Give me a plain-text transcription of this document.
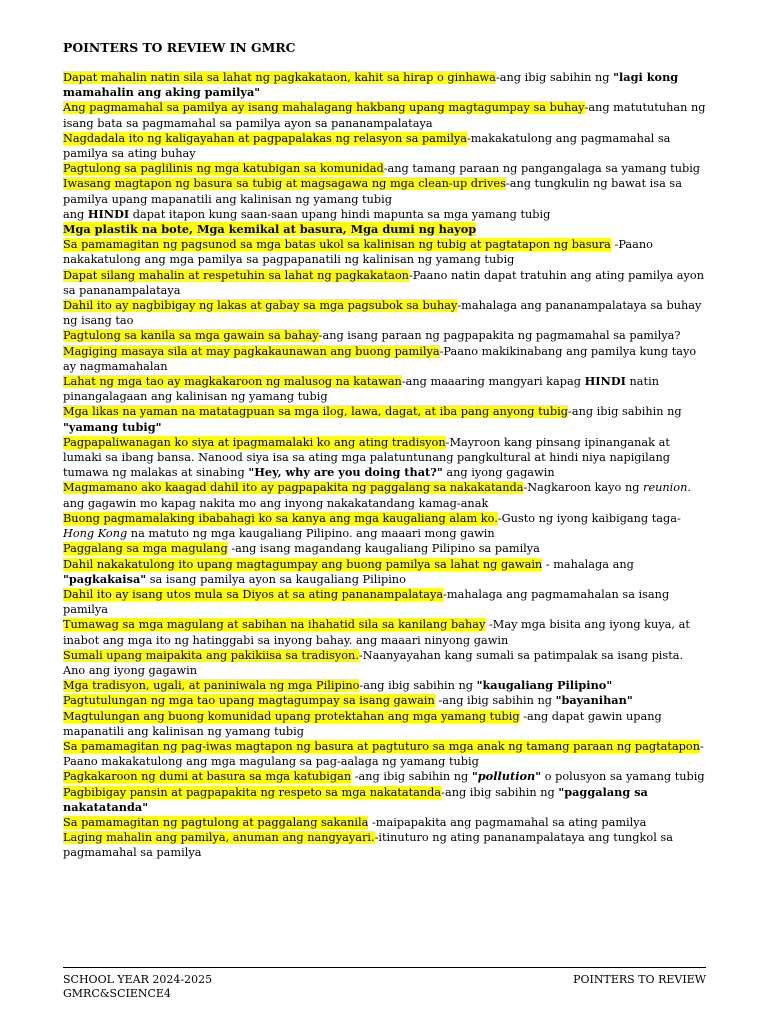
POINTERS TO REVIEW IN GMRC
Dapat mahalin natin sila sa lahat ng pagkakataon, kahit sa hirap o ginhawa-ang ibig sabihin ng "lagi kong mamahalin ang aking pamilya"
Ang pagmamahal sa pamilya ay isang mahalagang hakbang upang magtagumpay sa buhay-ang matututuhan ng isang bata sa pagmamahal sa pamilya ayon sa pananampalataya
Nagdadala ito ng kaligayahan at pagpapalakas ng relasyon sa pamilya-makakatulong ang pagmamahal sa pamilya sa ating buhay
Pagtulong sa paglilinis ng mga katubigan sa komunidad-ang tamang paraan ng pangangalaga sa yamang tubig
Iwasang magtapon ng basura sa tubig at magsagawa ng mga clean-up drives-ang tungkulin ng bawat isa sa pamilya upang mapanatili ang kalinisan ng yamang tubig
ang HINDI dapat itapon kung saan-saan upang hindi mapunta sa mga yamang tubig
Mga plastik na bote, Mga kemikal at basura, Mga dumi ng hayop
Sa pamamagitan ng pagsunod sa mga batas ukol sa kalinisan ng tubig at pagtatapon ng basura -Paano nakakatulong ang mga pamilya sa pagpapanatili ng kalinisan ng yamang tubig
Dapat silang mahalin at respetuhin sa lahat ng pagkakataon-Paano natin dapat tratuhin ang ating pamilya ayon sa pananampalataya
Dahil ito ay nagbibigay ng lakas at gabay sa mga pagsubok sa buhay-mahalaga ang pananampalataya sa buhay ng isang tao
Pagtulong sa kanila sa mga gawain sa bahay-ang isang paraan ng pagpapakita ng pagmamahal sa pamilya?
Magiging masaya sila at may pagkakaunawan ang buong pamilya-Paano makikinabang ang pamilya kung tayo ay nagmamahalan
Lahat ng mga tao ay magkakaroon ng malusog na katawan-ang maaaring mangyari kapag HINDI natin pinangalagaan ang kalinisan ng yamang tubig
Mga likas na yaman na matatagpuan sa mga ilog, lawa, dagat, at iba pang anyong tubig-ang ibig sabihin ng "yamang tubig"
Pagpapaliwanagan ko siya at ipagmamalaki ko ang ating tradisyon-Mayroon kang pinsang ipinanganak at lumaki sa ibang bansa. Nanood siya isa sa ating mga palatuntunang pangkultural at hindi niya napigilang tumawa ng malakas at sinabing "Hey, why are you doing that?" ang iyong gagawin
Magmamano ako kaagad dahil ito ay pagpapakita ng paggalang sa nakakatanda-Nagkaroon kayo ng reunion. ang gagawin mo kapag nakita mo ang inyong nakakatandang kamag-anak
Buong pagmamalaking ibabahagi ko sa kanya ang mga kaugaliang alam ko.-Gusto ng iyong kaibigang taga-Hong Kong na matuto ng mga kaugaliang Pilipino. ang maaari mong gawin
Paggalang sa mga magulang -ang isang magandang kaugaliang Pilipino sa pamilya
Dahil nakakatulong ito upang magtagumpay ang buong pamilya sa lahat ng gawain - mahalaga ang "pagkakaisa" sa isang pamilya ayon sa kaugaliang Pilipino
Dahil ito ay isang utos mula sa Diyos at sa ating pananampalataya-mahalaga ang pagmamahalan sa isang pamilya
Tumawag sa mga magulang at sabihan na ihahatid sila sa kanilang bahay -May mga bisita ang iyong kuya, at inabot ang mga ito ng hatinggabi sa inyong bahay. ang maaari ninyong gawin
Sumali upang maipakita ang pakikiisa sa tradisyon.-Naanyayahan kang sumali sa patimpalak sa isang pista. Ano ang iyong gagawin
Mga tradisyon, ugali, at paniniwala ng mga Pilipino-ang ibig sabihin ng "kaugaliang Pilipino"
Pagtutulungan ng mga tao upang magtagumpay sa isang gawain -ang ibig sabihin ng "bayanihan"
Magtulungan ang buong komunidad upang protektahan ang mga yamang tubig -ang dapat gawin upang mapanatili ang kalinisan ng yamang tubig
Sa pamamagitan ng pag-iwas magtapon ng basura at pagtuturo sa mga anak ng tamang paraan ng pagtatapon-Paano makakatulong ang mga magulang sa pag-aalaga ng yamang tubig
Pagkakaroon ng dumi at basura sa mga katubigan -ang ibig sabihin ng "pollution" o polusyon sa yamang tubig
Pagbibigay pansin at pagpapakita ng respeto sa mga nakatatanda-ang ibig sabihin ng "paggalang sa nakatatanda"
Sa pamamagitan ng pagtulong at paggalang sakanila -maipapakita ang pagmamahal sa ating pamilya
Laging mahalin ang pamilya, anuman ang nangyayari.-itinuturo ng ating pananampalataya ang tungkol sa pagmamahal sa pamilya
SCHOOL YEAR 2024-2025
GMRC&SCIENCE4
POINTERS TO REVIEW
